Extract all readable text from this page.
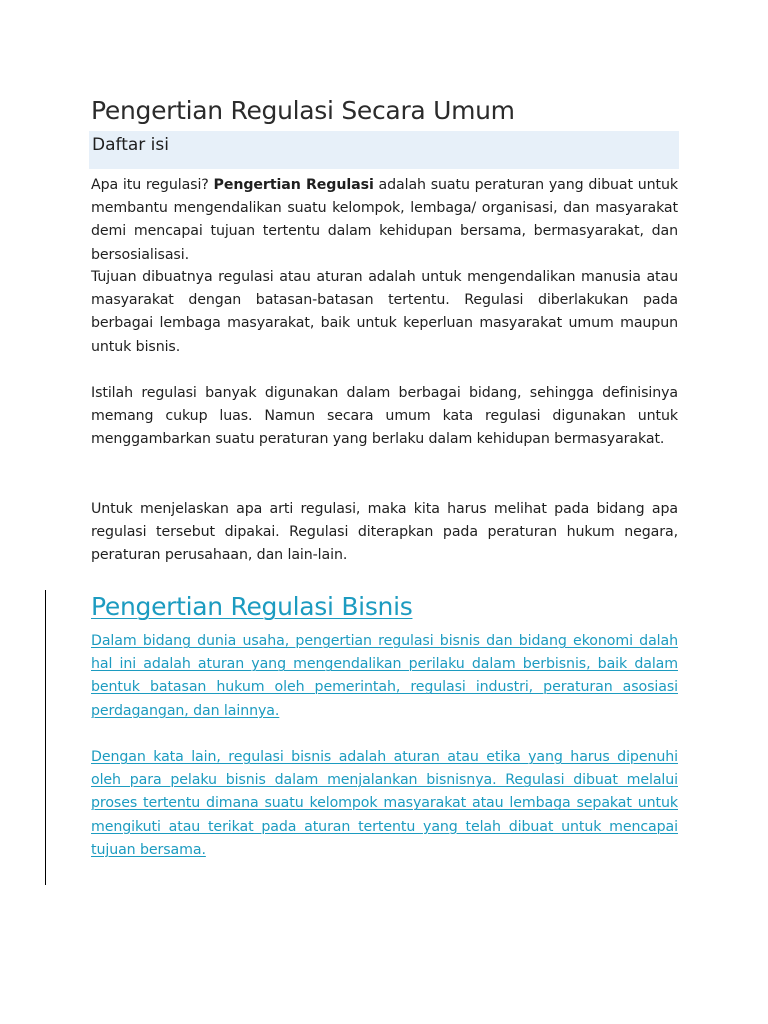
Pengertian Regulasi Secara Umum
Daftar isi

Apa itu regulasi? Pengertian Regulasi adalah suatu peraturan yang dibuat untuk membantu mengendalikan suatu kelompok, lembaga/ organisasi, dan masyarakat demi mencapai tujuan tertentu dalam kehidupan bersama, bermasyarakat, dan bersosialisasi.

Tujuan dibuatnya regulasi atau aturan adalah untuk mengendalikan manusia atau masyarakat dengan batasan-batasan tertentu. Regulasi diberlakukan pada berbagai lembaga masyarakat, baik untuk keperluan masyarakat umum maupun untuk bisnis.

Istilah regulasi banyak digunakan dalam berbagai bidang, sehingga definisinya memang cukup luas. Namun secara umum kata regulasi digunakan untuk menggambarkan suatu peraturan yang berlaku dalam kehidupan bermasyarakat.

Untuk menjelaskan apa arti regulasi, maka kita harus melihat pada bidang apa regulasi tersebut dipakai. Regulasi diterapkan pada peraturan hukum negara, peraturan perusahaan, dan lain-lain.

Pengertian Regulasi Bisnis

Dalam bidang dunia usaha, pengertian regulasi bisnis dan bidang ekonomi dalah hal ini adalah aturan yang mengendalikan perilaku dalam berbisnis, baik dalam bentuk batasan hukum oleh pemerintah, regulasi industri, peraturan asosiasi perdagangan, dan lainnya.

Dengan kata lain, regulasi bisnis adalah aturan atau etika yang harus dipenuhi oleh para pelaku bisnis dalam menjalankan bisnisnya. Regulasi dibuat melalui proses tertentu dimana suatu kelompok masyarakat atau lembaga sepakat untuk mengikuti atau terikat pada aturan tertentu yang telah dibuat untuk mencapai tujuan bersama.
